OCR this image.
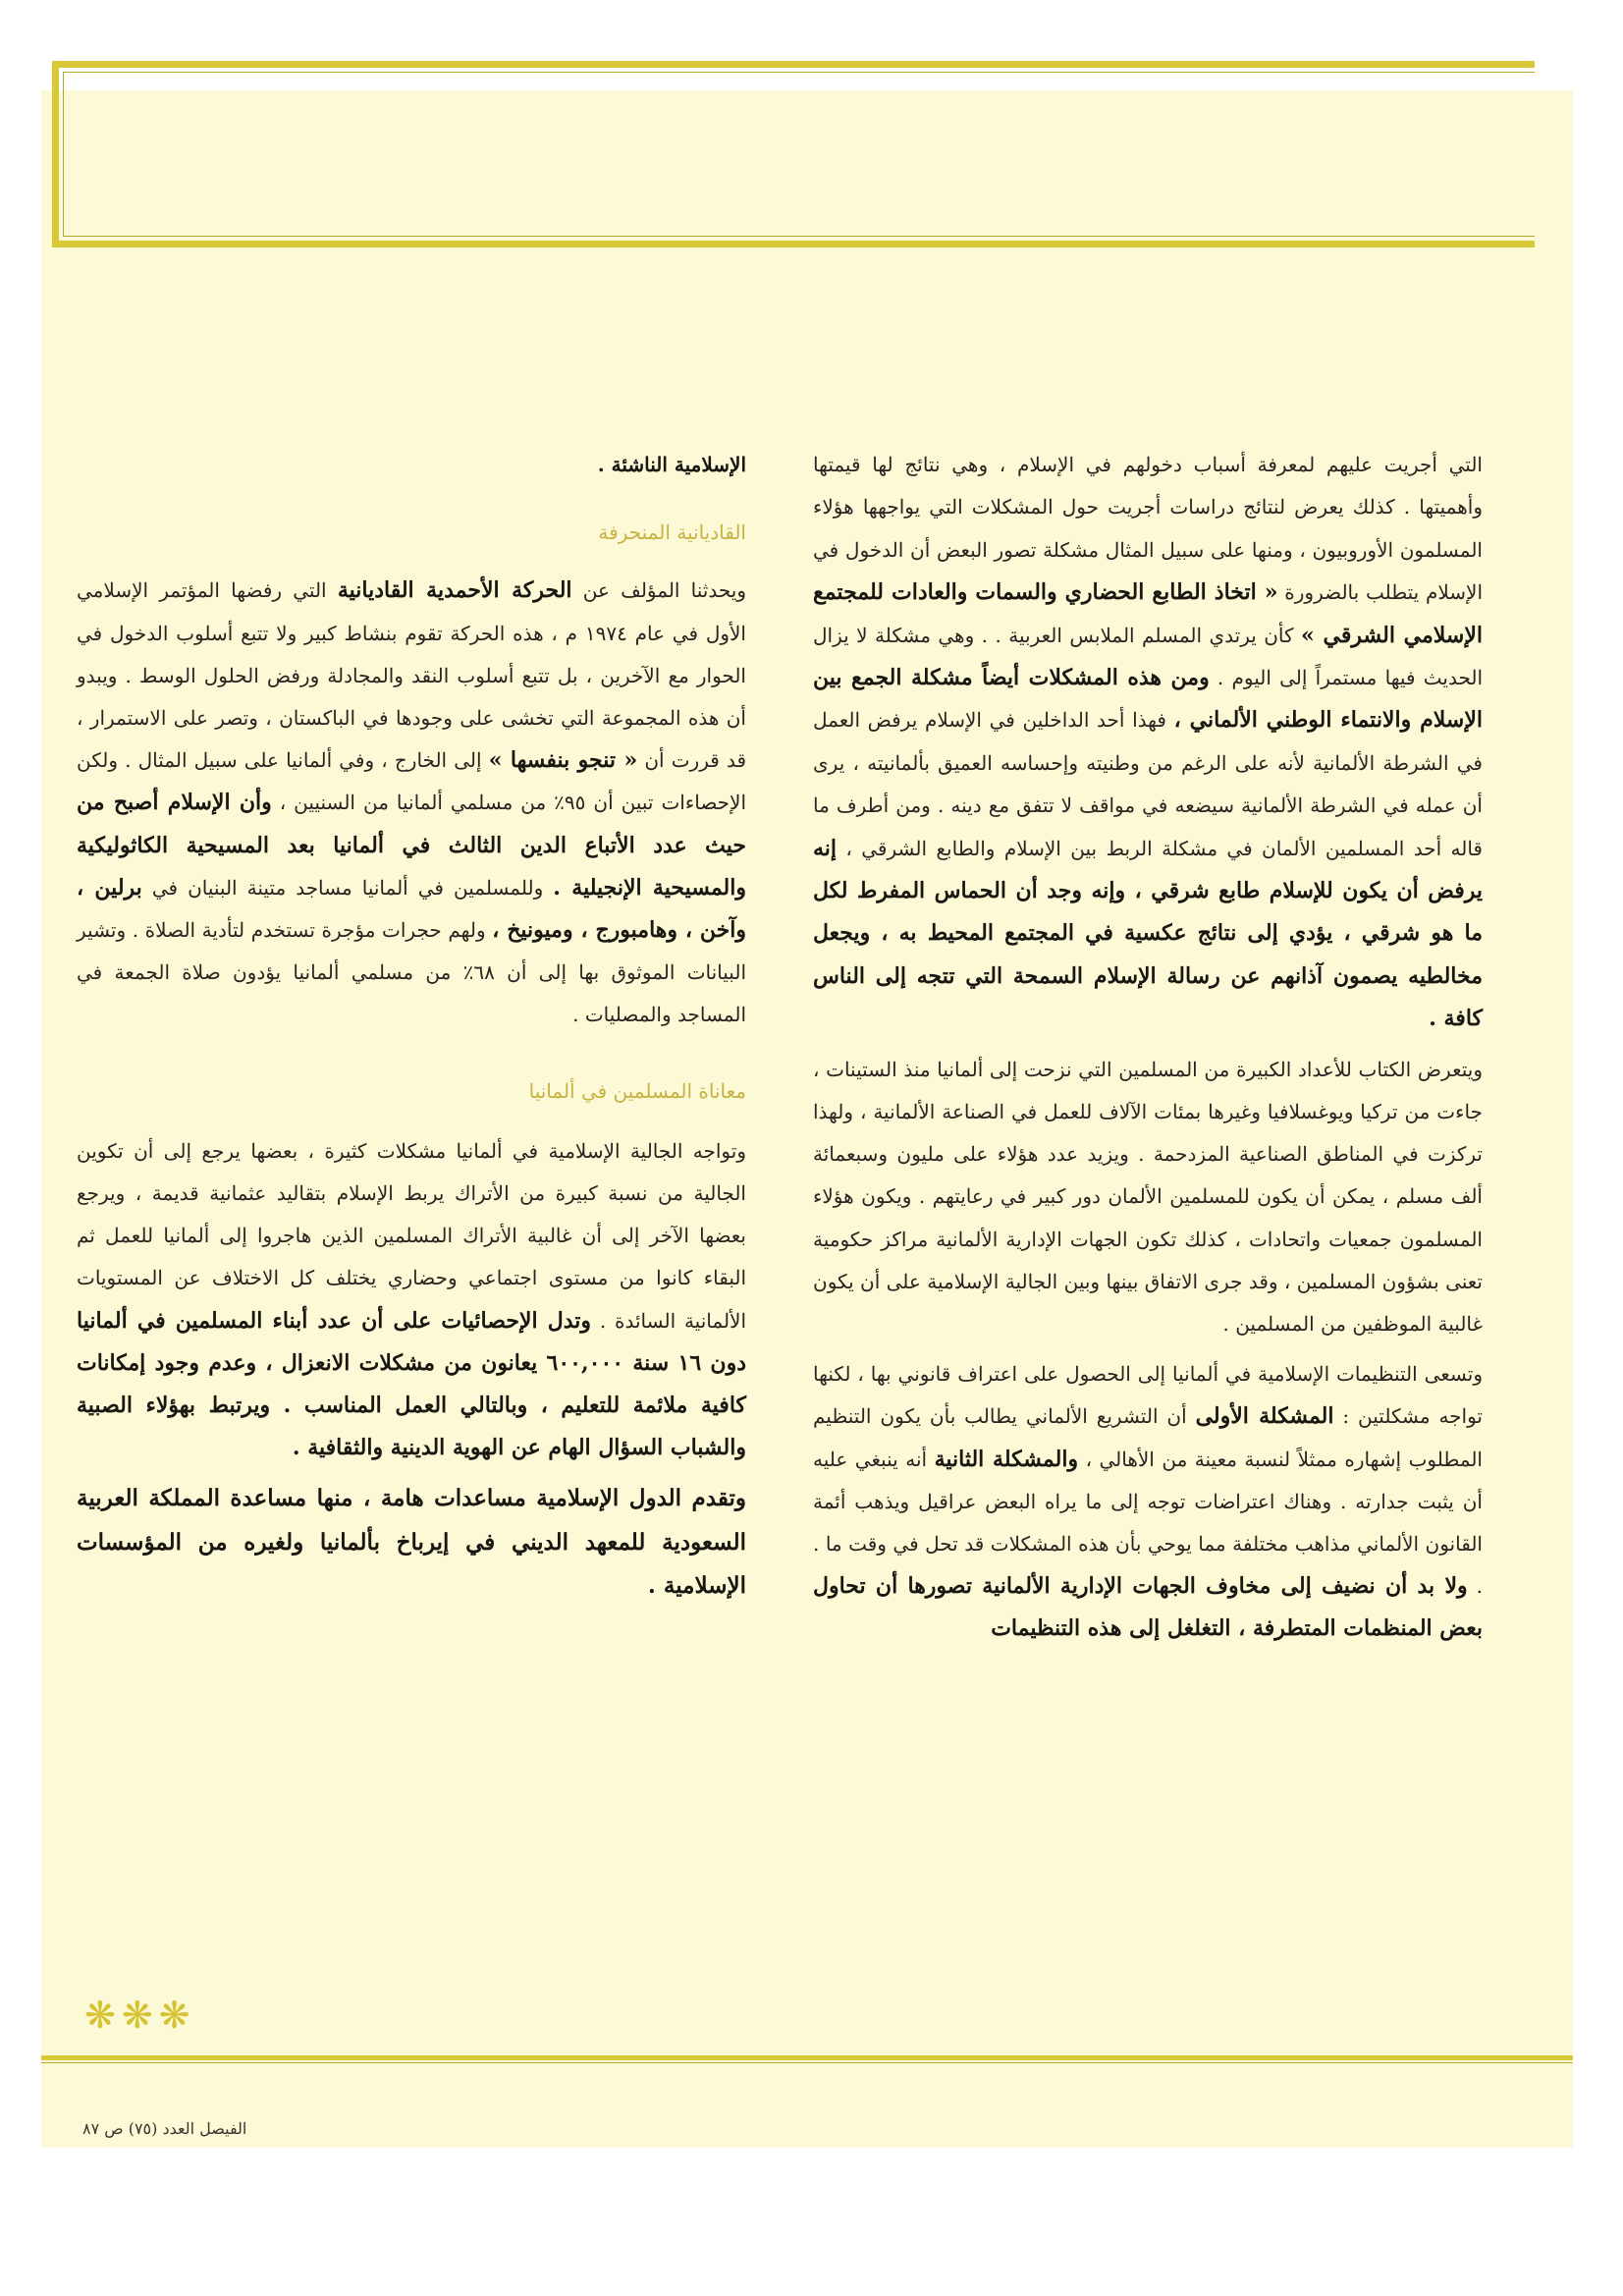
التي أجريت عليهم لمعرفة أسباب دخولهم في الإسلام ، وهي نتائج لها قيمتها وأهميتها . كذلك يعرض لنتائج دراسات أجريت حول المشكلات التي يواجهها هؤلاء المسلمون الأوروبيون ، ومنها على سبيل المثال مشكلة تصور البعض أن الدخول في الإسلام يتطلب بالضرورة « اتخاذ الطابع الحضاري والسمات والعادات للمجتمع الإسلامي الشرقي » كأن يرتدي المسلم الملابس العربية . . وهي مشكلة لا يزال الحديث فيها مستمراً إلى اليوم . ومن هذه المشكلات أيضاً مشكلة الجمع بين الإسلام والانتماء الوطني الألماني ، فهذا أحد الداخلين في الإسلام يرفض العمل في الشرطة الألمانية لأنه على الرغم من وطنيته وإحساسه العميق بألمانيته ، يرى أن عمله في الشرطة الألمانية سيضعه في مواقف لا تتفق مع دينه . ومن أطرف ما قاله أحد المسلمين الألمان في مشكلة الربط بين الإسلام والطابع الشرقي ، إنه يرفض أن يكون للإسلام طابع شرقي ، وإنه وجد أن الحماس المفرط لكل ما هو شرقي ، يؤدي إلى نتائج عكسية في المجتمع المحيط به ، ويجعل مخالطيه يصمون آذانهم عن رسالة الإسلام السمحة التي تتجه إلى الناس كافة .

ويتعرض الكتاب للأعداد الكبيرة من المسلمين التي نزحت إلى ألمانيا منذ الستينات ، جاءت من تركيا ويوغسلافيا وغيرها بمئات الآلاف للعمل في الصناعة الألمانية ، ولهذا تركزت في المناطق الصناعية المزدحمة . ويزيد عدد هؤلاء على مليون وسبعمائة ألف مسلم ، يمكن أن يكون للمسلمين الألمان دور كبير في رعايتهم . ويكون هؤلاء المسلمون جمعيات واتحادات ، كذلك تكون الجهات الإدارية الألمانية مراكز حكومية تعنى بشؤون المسلمين ، وقد جرى الاتفاق بينها وبين الجالية الإسلامية على أن يكون غالبية الموظفين من المسلمين .

وتسعى التنظيمات الإسلامية في ألمانيا إلى الحصول على اعتراف قانوني بها ، لكنها تواجه مشكلتين : المشكلة الأولى أن التشريع الألماني يطالب بأن يكون التنظيم المطلوب إشهاره ممثلاً لنسبة معينة من الأهالي ، والمشكلة الثانية أنه ينبغي عليه أن يثبت جدارته . وهناك اعتراضات توجه إلى ما يراه البعض عراقيل ويذهب أئمة القانون الألماني مذاهب مختلفة مما يوحي بأن هذه المشكلات قد تحل في وقت ما . . ولا بد أن نضيف إلى مخاوف الجهات الإدارية الألمانية تصورها أن تحاول بعض المنظمات المتطرفة ، التغلغل إلى هذه التنظيمات

الإسلامية الناشئة .

القاديانية المنحرفة

ويحدثنا المؤلف عن الحركة الأحمدية القاديانية التي رفضها المؤتمر الإسلامي الأول في عام ١٩٧٤ م ، هذه الحركة تقوم بنشاط كبير ولا تتبع أسلوب الدخول في الحوار مع الآخرين ، بل تتبع أسلوب النقد والمجادلة ورفض الحلول الوسط . ويبدو أن هذه المجموعة التي تخشى على وجودها في الباكستان ، وتصر على الاستمرار ، قد قررت أن « تنجو بنفسها » إلى الخارج ، وفي ألمانيا على سبيل المثال . ولكن الإحصاءات تبين أن ٩٥٪ من مسلمي ألمانيا من السنيين ، وأن الإسلام أصبح من حيث عدد الأتباع الدين الثالث في ألمانيا بعد المسيحية الكاثوليكية والمسيحية الإنجيلية . وللمسلمين في ألمانيا مساجد متينة البنيان في برلين ، وآخن ، وهامبورج ، وميونيخ ، ولهم حجرات مؤجرة تستخدم لتأدية الصلاة . وتشير البيانات الموثوق بها إلى أن ٦٨٪ من مسلمي ألمانيا يؤدون صلاة الجمعة في المساجد والمصليات .

معاناة المسلمين في ألمانيا

وتواجه الجالية الإسلامية في ألمانيا مشكلات كثيرة ، بعضها يرجع إلى أن تكوين الجالية من نسبة كبيرة من الأتراك يربط الإسلام بتقاليد عثمانية قديمة ، ويرجع بعضها الآخر إلى أن غالبية الأتراك المسلمين الذين هاجروا إلى ألمانيا للعمل ثم البقاء كانوا من مستوى اجتماعي وحضاري يختلف كل الاختلاف عن المستويات الألمانية السائدة . وتدل الإحصائيات على أن عدد أبناء المسلمين في ألمانيا دون ١٦ سنة ٦٠٠,٠٠٠ يعانون من مشكلات الانعزال ، وعدم وجود إمكانات كافية ملائمة للتعليم ، وبالتالي العمل المناسب . ويرتبط بهؤلاء الصبية والشباب السؤال الهام عن الهوية الدينية والثقافية .

وتقدم الدول الإسلامية مساعدات هامة ، منها مساعدة المملكة العربية السعودية للمعهد الديني في إيرباخ بألمانيا ولغيره من المؤسسات الإسلامية .

❋❋❋
الفيصل العدد (٧٥) ص ٨٧
